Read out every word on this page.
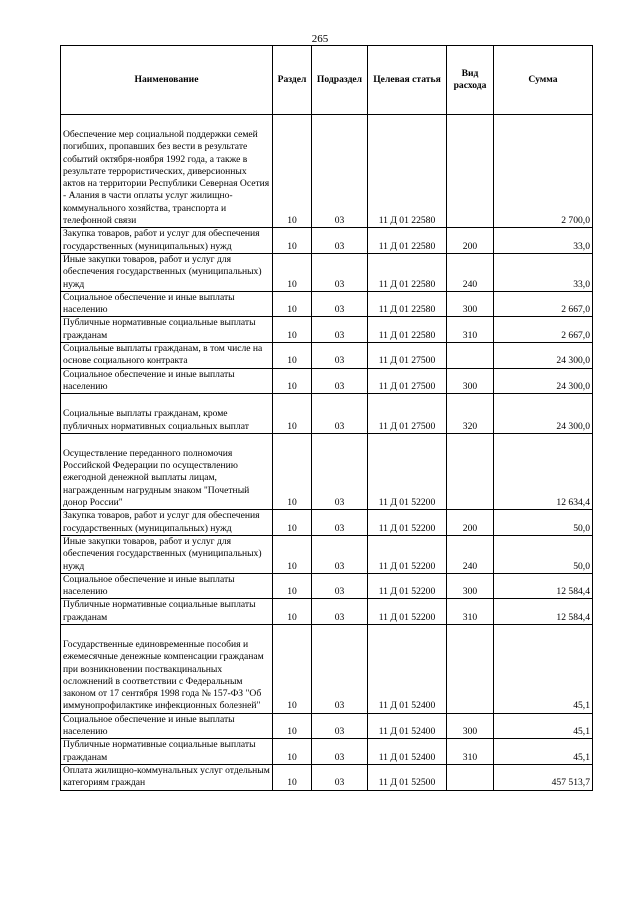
265
Наименование	Раздел	Подраздел	Целевая статья	Вид расхода	Сумма
Обеспечение мер социальной поддержки семей погибших, пропавших без вести в результате событий октября-ноября 1992 года, а также в результате террористических, диверсионных актов на территории Республики Северная Осетия - Алания в части оплаты услуг жилищно-коммунального хозяйства, транспорта и телефонной связи	10	03	11 Д 01 22580		2 700,0
Закупка товаров, работ и услуг для обеспечения государственных (муниципальных) нужд	10	03	11 Д 01 22580	200	33,0
Иные закупки товаров, работ и услуг для обеспечения государственных (муниципальных) нужд	10	03	11 Д 01 22580	240	33,0
Социальное обеспечение и иные выплаты населению	10	03	11 Д 01 22580	300	2 667,0
Публичные нормативные социальные выплаты гражданам	10	03	11 Д 01 22580	310	2 667,0
Социальные выплаты гражданам, в том числе на основе социального контракта	10	03	11 Д 01 27500		24 300,0
Социальное обеспечение и иные выплаты населению	10	03	11 Д 01 27500	300	24 300,0
Социальные выплаты гражданам, кроме публичных нормативных социальных выплат	10	03	11 Д 01 27500	320	24 300,0
Осуществление переданного полномочия Российской Федерации по осуществлению ежегодной денежной выплаты лицам, награжденным нагрудным знаком "Почетный донор России"	10	03	11 Д 01 52200		12 634,4
Закупка товаров, работ и услуг для обеспечения государственных (муниципальных) нужд	10	03	11 Д 01 52200	200	50,0
Иные закупки товаров, работ и услуг для обеспечения государственных (муниципальных) нужд	10	03	11 Д 01 52200	240	50,0
Социальное обеспечение и иные выплаты населению	10	03	11 Д 01 52200	300	12 584,4
Публичные нормативные социальные выплаты гражданам	10	03	11 Д 01 52200	310	12 584,4
Государственные единовременные пособия и ежемесячные денежные компенсации гражданам при возникновении поствакцинальных осложнений в соответствии с Федеральным законом от 17 сентября 1998 года № 157-ФЗ "Об иммунопрофилактике инфекционных болезней"	10	03	11 Д 01 52400		45,1
Социальное обеспечение и иные выплаты населению	10	03	11 Д 01 52400	300	45,1
Публичные нормативные социальные выплаты гражданам	10	03	11 Д 01 52400	310	45,1
Оплата жилищно-коммунальных услуг отдельным категориям граждан	10	03	11 Д 01 52500		457 513,7
